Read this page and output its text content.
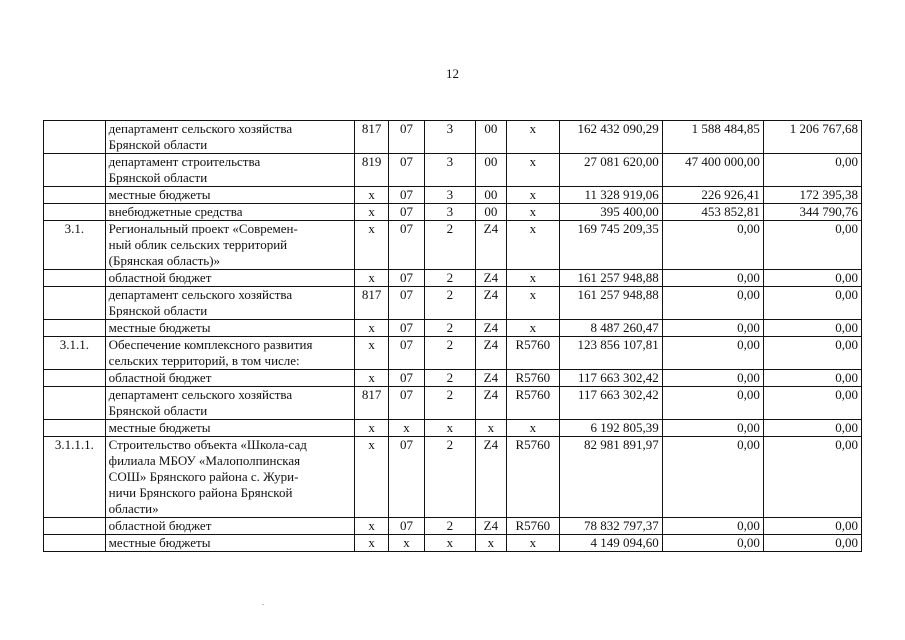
12

	департамент сельского хозяйства
Брянской области	817	07	3	00	х	162 432 090,29	1 588 484,85	1 206 767,68

	департамент строительства
Брянской области	819	07	3	00	х	27 081 620,00	47 400 000,00	0,00

	местные бюджеты	х	07	3	00	х	11 328 919,06	226 926,41	172 395,38

	внебюджетные средства	х	07	3	00	х	395 400,00	453 852,81	344 790,76
3.1.	Региональный проект «Современ-
ный облик сельских территорий
(Брянская область)»	х	07	2	Z4	х	169 745 209,35	0,00	0,00

	областной бюджет	х	07	2	Z4	х	161 257 948,88	0,00	0,00

	департамент сельского хозяйства
Брянской области	817	07	2	Z4	х	161 257 948,88	0,00	0,00

	местные бюджеты	х	07	2	Z4	х	8 487 260,47	0,00	0,00
3.1.1.	Обеспечение комплексного развития
сельских территорий, в том числе:	х	07	2	Z4	R5760	123 856 107,81	0,00	0,00

	областной бюджет	х	07	2	Z4	R5760	117 663 302,42	0,00	0,00

	департамент сельского хозяйства
Брянской области	817	07	2	Z4	R5760	117 663 302,42	0,00	0,00

	местные бюджеты	х	х	х	х	х	6 192 805,39	0,00	0,00
3.1.1.1.	Строительство объекта «Школа-сад
филиала МБОУ «Малополпинская
СОШ» Брянского района с. Жури-
ничи Брянского района Брянской
области»	х	07	2	Z4	R5760	82 981 891,97	0,00	0,00

	областной бюджет	х	07	2	Z4	R5760	78 832 797,37	0,00	0,00

	местные бюджеты	х	х	х	х	х	4 149 094,60	0,00	0,00
